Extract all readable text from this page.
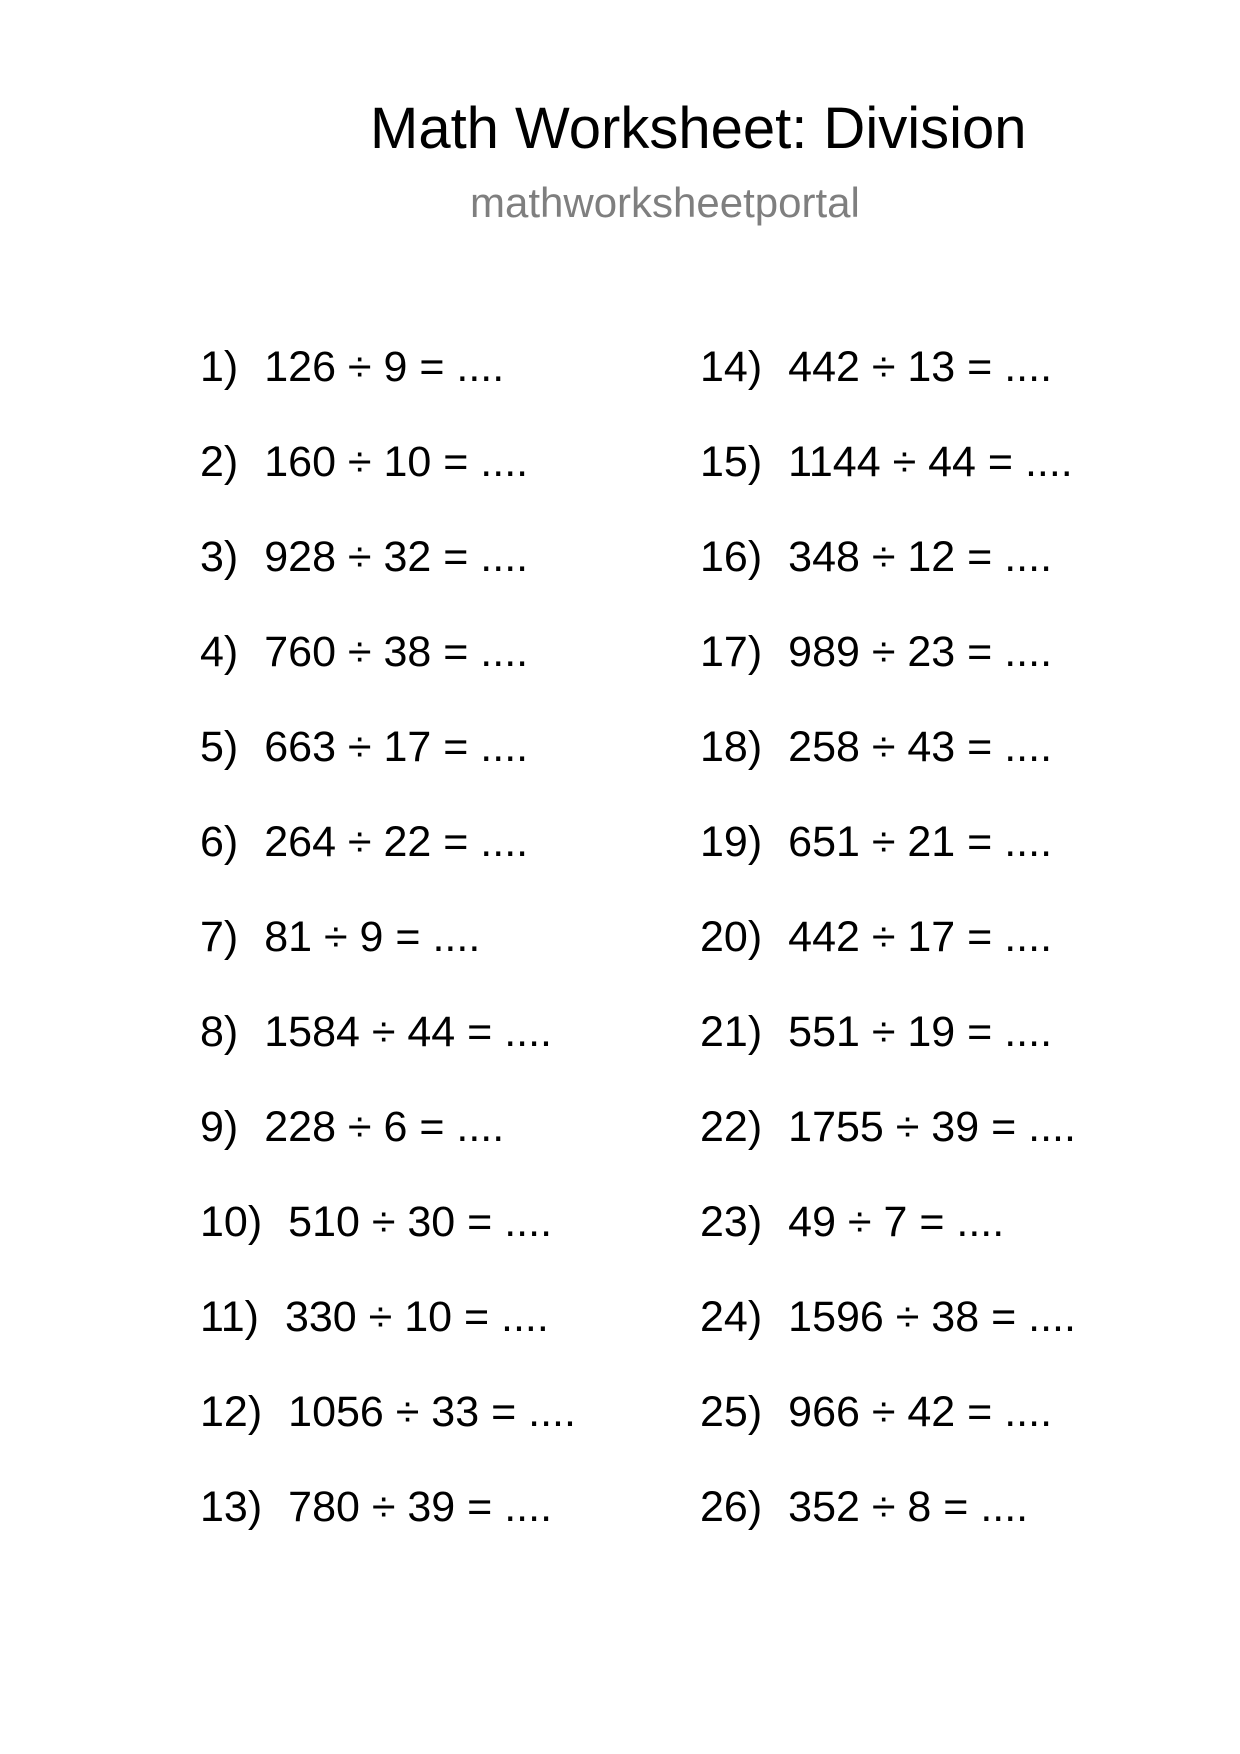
Math Worksheet: Division
mathworksheetportal
1) 126 ÷ 9 = ....
2) 160 ÷ 10 = ....
3) 928 ÷ 32 = ....
4) 760 ÷ 38 = ....
5) 663 ÷ 17 = ....
6) 264 ÷ 22 = ....
7) 81 ÷ 9 = ....
8) 1584 ÷ 44 = ....
9) 228 ÷ 6 = ....
10) 510 ÷ 30 = ....
11) 330 ÷ 10 = ....
12) 1056 ÷ 33 = ....
13) 780 ÷ 39 = ....
14) 442 ÷ 13 = ....
15) 1144 ÷ 44 = ....
16) 348 ÷ 12 = ....
17) 989 ÷ 23 = ....
18) 258 ÷ 43 = ....
19) 651 ÷ 21 = ....
20) 442 ÷ 17 = ....
21) 551 ÷ 19 = ....
22) 1755 ÷ 39 = ....
23) 49 ÷ 7 = ....
24) 1596 ÷ 38 = ....
25) 966 ÷ 42 = ....
26) 352 ÷ 8 = ....
